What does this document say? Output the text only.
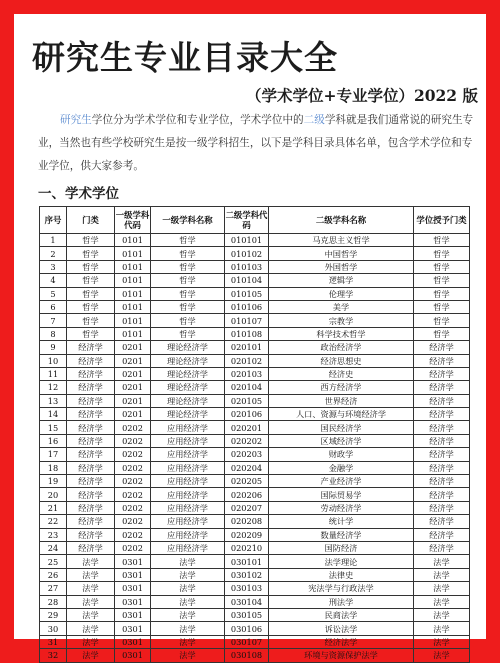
研究生专业目录大全
（学术学位+专业学位）2022 版
研究生学位分为学术学位和专业学位，学术学位中的二级学科就是我们通常说的研究生专业，当然也有些学校研究生是按一级学科招生，以下是学科目录具体名单，包含学术学位和专业学位，供大家参考。
一、学术学位
序号	门类	一级学科代码	一级学科名称	二级学科代码	二级学科名称	学位授予门类
1	哲学	0101	哲学	010101	马克思主义哲学	哲学
2	哲学	0101	哲学	010102	中国哲学	哲学
3	哲学	0101	哲学	010103	外国哲学	哲学
4	哲学	0101	哲学	010104	逻辑学	哲学
5	哲学	0101	哲学	010105	伦理学	哲学
6	哲学	0101	哲学	010106	美学	哲学
7	哲学	0101	哲学	010107	宗教学	哲学
8	哲学	0101	哲学	010108	科学技术哲学	哲学
9	经济学	0201	理论经济学	020101	政治经济学	经济学
10	经济学	0201	理论经济学	020102	经济思想史	经济学
11	经济学	0201	理论经济学	020103	经济史	经济学
12	经济学	0201	理论经济学	020104	西方经济学	经济学
13	经济学	0201	理论经济学	020105	世界经济	经济学
14	经济学	0201	理论经济学	020106	人口、资源与环境经济学	经济学
15	经济学	0202	应用经济学	020201	国民经济学	经济学
16	经济学	0202	应用经济学	020202	区域经济学	经济学
17	经济学	0202	应用经济学	020203	财政学	经济学
18	经济学	0202	应用经济学	020204	金融学	经济学
19	经济学	0202	应用经济学	020205	产业经济学	经济学
20	经济学	0202	应用经济学	020206	国际贸易学	经济学
21	经济学	0202	应用经济学	020207	劳动经济学	经济学
22	经济学	0202	应用经济学	020208	统计学	经济学
23	经济学	0202	应用经济学	020209	数量经济学	经济学
24	经济学	0202	应用经济学	020210	国防经济	经济学
25	法学	0301	法学	030101	法学理论	法学
26	法学	0301	法学	030102	法律史	法学
27	法学	0301	法学	030103	宪法学与行政法学	法学
28	法学	0301	法学	030104	刑法学	法学
29	法学	0301	法学	030105	民商法学	法学
30	法学	0301	法学	030106	诉讼法学	法学
31	法学	0301	法学	030107	经济法学	法学
32	法学	0301	法学	030108	环境与资源保护法学	法学
